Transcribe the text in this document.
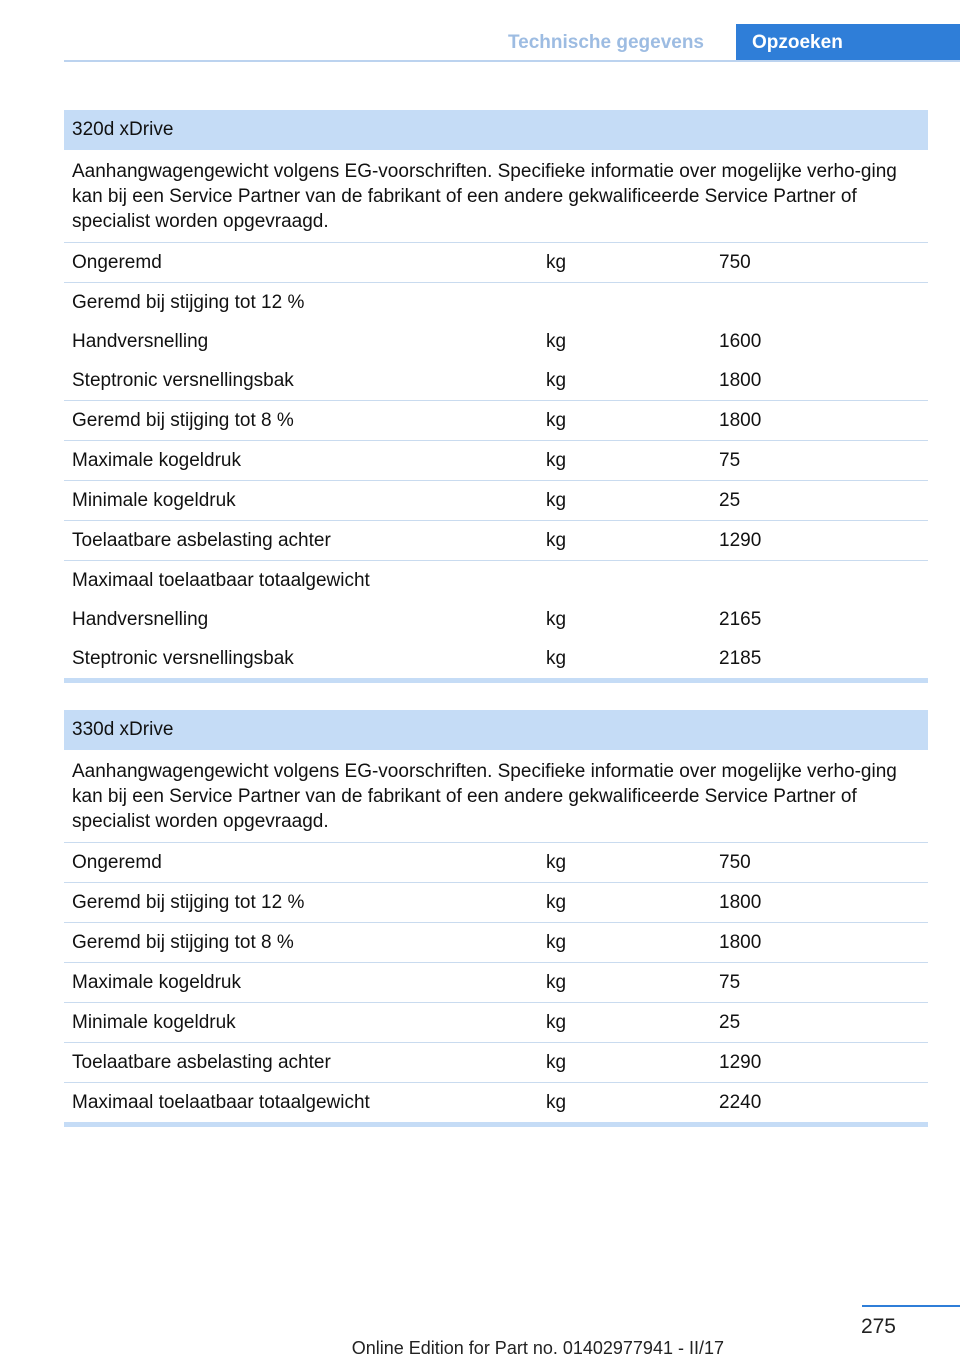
Technische gegevens	Opzoeken
320d xDrive
Aanhangwagengewicht volgens EG-voorschriften. Specifieke informatie over mogelijke verho-ging kan bij een Service Partner van de fabrikant of een andere gekwalificeerde Service Partner of specialist worden opgevraagd.
Ongeremd	kg	750
Geremd bij stijging tot 12 %
Handversnelling	kg	1600
Steptronic versnellingsbak	kg	1800
Geremd bij stijging tot 8 %	kg	1800
Maximale kogeldruk	kg	75
Minimale kogeldruk	kg	25
Toelaatbare asbelasting achter	kg	1290
Maximaal toelaatbaar totaalgewicht
Handversnelling	kg	2165
Steptronic versnellingsbak	kg	2185
330d xDrive
Aanhangwagengewicht volgens EG-voorschriften. Specifieke informatie over mogelijke verho-ging kan bij een Service Partner van de fabrikant of een andere gekwalificeerde Service Partner of specialist worden opgevraagd.
Ongeremd	kg	750
Geremd bij stijging tot 12 %	kg	1800
Geremd bij stijging tot 8 %	kg	1800
Maximale kogeldruk	kg	75
Minimale kogeldruk	kg	25
Toelaatbare asbelasting achter	kg	1290
Maximaal toelaatbaar totaalgewicht	kg	2240
275
Online Edition for Part no. 01402977941 - II/17
